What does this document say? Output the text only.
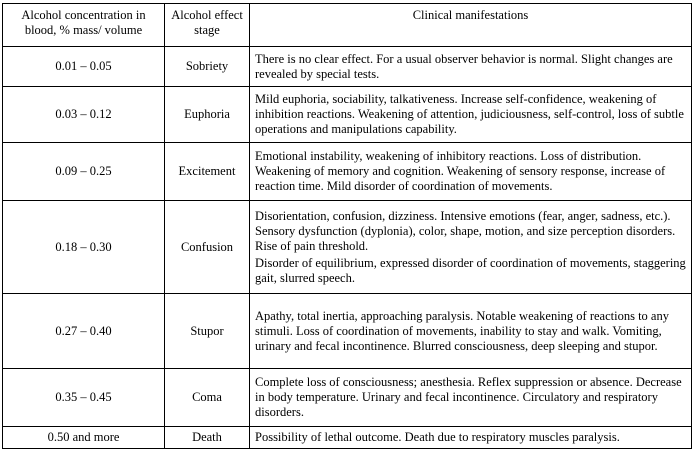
Alcohol concentration in blood, % mass/ volume	Alcohol effect stage	Clinical manifestations
0.01 – 0.05	Sobriety	There is no clear effect. For a usual observer behavior is normal. Slight changes are revealed by special tests.

0.03 – 0.12	Euphoria	Mild euphoria, sociability, talkativeness. Increase self-confidence, weakening of inhibition reactions. Weakening of attention, judiciousness, self-control, loss of subtle operations and manipulations capability.

0.09 – 0.25	Excitement	Emotional instability, weakening of inhibitory reactions. Loss of distribution. Weakening of memory and cognition. Weakening of sensory response, increase of reaction time. Mild disorder of coordination of movements.

0.18 – 0.30	Confusion	Disorientation, confusion, dizziness. Intensive emotions (fear, anger, sadness, etc.). Sensory dysfunction (dyplonia), color, shape, motion, and size perception disorders. Rise of pain threshold.
Disorder of equilibrium, expressed disorder of coordination of movements, staggering gait, slurred speech.

0.27 – 0.40	Stupor	Apathy, total inertia, approaching paralysis. Notable weakening of reactions to any stimuli. Loss of coordination of movements, inability to stay and walk. Vomiting, urinary and fecal incontinence. Blurred consciousness, deep sleeping and stupor.

0.35 – 0.45	Coma	Complete loss of consciousness; anesthesia. Reflex suppression or absence. Decrease in body temperature. Urinary and fecal incontinence. Circulatory and respiratory disorders.

0.50 and more	Death	Possibility of lethal outcome. Death due to respiratory muscles paralysis.
